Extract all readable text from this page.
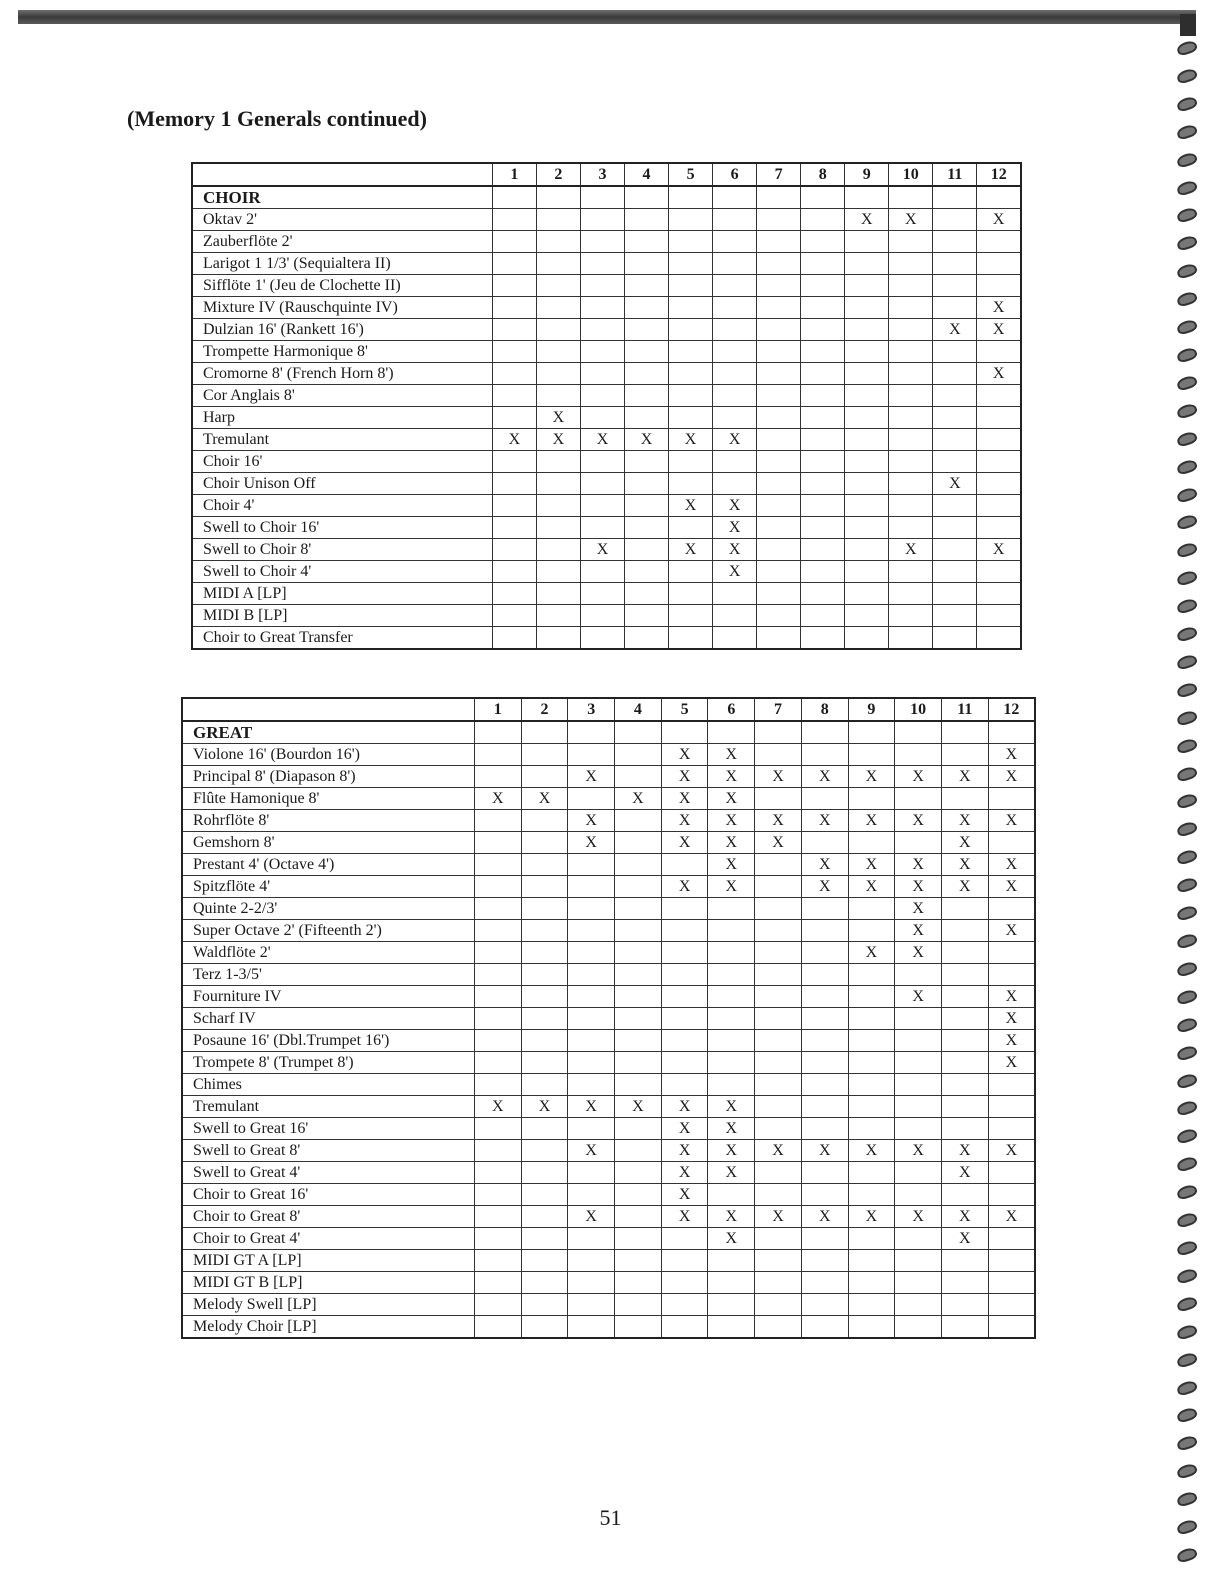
(Memory 1 Generals continued)
	1	2	3	4	5	6	7	8	9	10	11	12
CHOIR												
Oktav 2'									X	X		X
Zauberflöte 2'												
Larigot 1 1/3' (Sequialtera II)												
Sifflöte 1' (Jeu de Clochette II)												
Mixture IV (Rauschquinte IV)												X
Dulzian 16' (Rankett 16')											X	X
Trompette Harmonique 8'												
Cromorne 8' (French Horn 8')												X
Cor Anglais 8'												
Harp		X										
Tremulant	X	X	X	X	X	X						
Choir 16'												
Choir Unison Off											X	
Choir 4'					X	X						
Swell to Choir 16'						X						
Swell to Choir 8'			X		X	X				X		X
Swell to Choir 4'						X						
MIDI A [LP]												
MIDI B [LP]												
Choir to Great Transfer												
	1	2	3	4	5	6	7	8	9	10	11	12
GREAT												
Violone 16' (Bourdon 16')					X	X						X
Principal 8' (Diapason 8')			X		X	X	X	X	X	X	X	X
Flûte Hamonique 8'	X	X		X	X	X						
Rohrflöte 8'			X		X	X	X	X	X	X	X	X
Gemshorn 8'			X		X	X	X				X	
Prestant 4' (Octave 4')						X		X	X	X	X	X
Spitzflöte 4'					X	X		X	X	X	X	X
Quinte 2-2/3'										X		
Super Octave 2' (Fifteenth 2')										X		X
Waldflöte 2'									X	X		
Terz 1-3/5'												
Fourniture IV										X		X
Scharf IV												X
Posaune 16' (Dbl.Trumpet 16')												X
Trompete 8' (Trumpet 8')												X
Chimes												
Tremulant	X	X	X	X	X	X						
Swell to Great 16'					X	X						
Swell to Great 8'			X		X	X	X	X	X	X	X	X
Swell to Great 4'					X	X					X	
Choir to Great 16'					X							
Choir to Great 8'			X		X	X	X	X	X	X	X	X
Choir to Great 4'						X					X	
MIDI GT A [LP]												
MIDI GT B [LP]												
Melody Swell [LP]												
Melody Choir [LP]												
51
